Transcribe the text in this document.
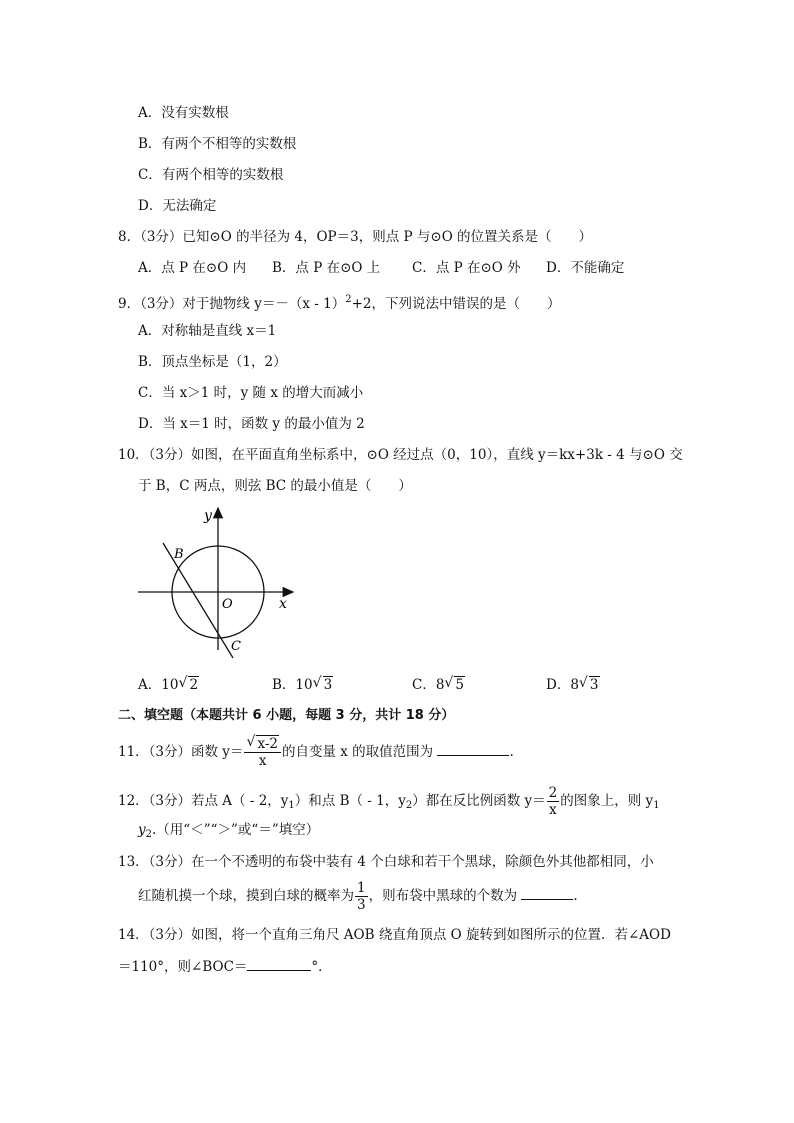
A．没有实数根
B．有两个不相等的实数根
C．有两个相等的实数根
D．无法确定
8．（3分）已知⊙O 的半径为 4，OP＝3，则点 P 与⊙O 的位置关系是（　　）
A．点 P 在⊙O 内 B．点 P 在⊙O 上 C．点 P 在⊙O 外 D．不能确定
9．（3分）对于抛物线 y＝－（x - 1）$^2$+2，下列说法中错误的是（　　）
A．对称轴是直线 x＝1
B．顶点坐标是（1，2）
C．当 x＞1 时，y 随 x 的增大而减小
D．当 x＝1 时，函数 y 的最小值为 2
10．（3分）如图，在平面直角坐标系中，⊙O 经过点（0，10），直线 y＝kx+3k - 4 与⊙O 交
于 B，C 两点，则弦 BC 的最小值是（　　）
y
x
O
B
C
A．10 √ 2	B．10 √ 3	C．8 √ 5	D．8 √ 3
二、填空题（本题共计 6 小题，每题 3 分，共计 18 分）
11．（3分）函数 $y= \frac{√ x-2}{x}$ 的自变量 x 的取值范围为	.
12．（3分）若点 A（ - 2，$y_1$）和点 B（ - 1，$y_2$）都在反比例函数 $y= \frac{2}{x}$ 的图象上，则 $y_1$
$y_2$.（用“＜”“＞”或“＝”填空）
13．（3分）在一个不透明的布袋中装有 4 个白球和若干个黑球，除颜色外其他都相同，小
红随机摸一个球，摸到白球的概率为 $\frac{1}{3}$ ，则布袋中黑球的个数为	.
14．（3分）如图，将一个直角三角尺 AOB 绕直角顶点 O 旋转到如图所示的位置．若∠AOD
＝110°，则∠BOC＝	°．
